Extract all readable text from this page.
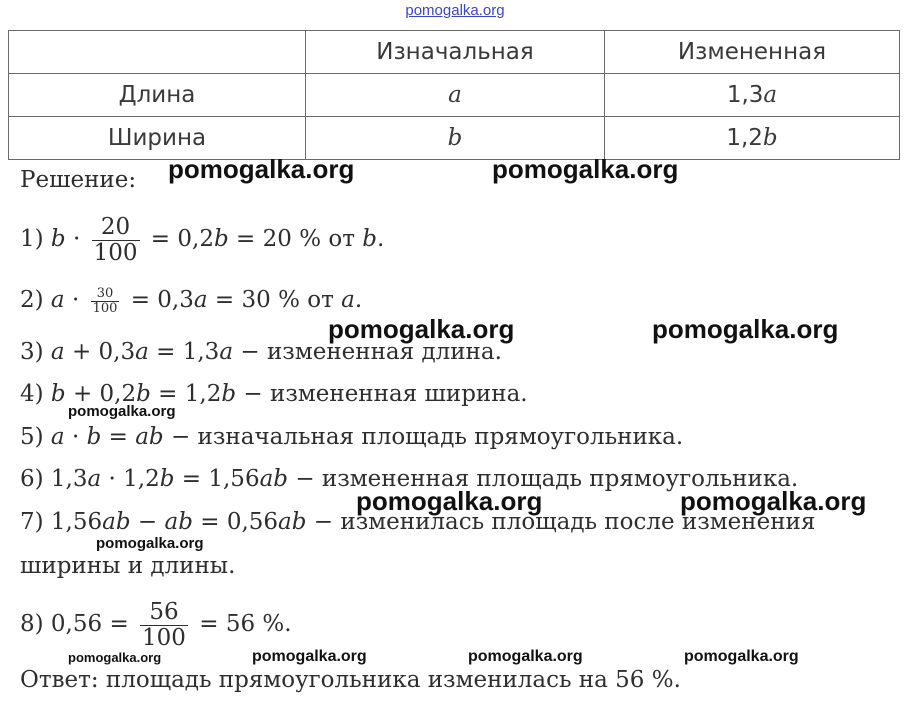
pomogalka.org
	Изначальная	Измененная
Длина	a	1,3a
Ширина	b	1,2b
Решение:
1) $b \cdot \frac{20}{100} = 0,2b = 20$ % от b.
2) $a \cdot \frac{30}{100} = 0,3a = 30$ % от a.
3) a + 0,3a = 1,3a − измененная длина.
4) b + 0,2b = 1,2b − измененная ширина.
5) a · b = ab − изначальная площадь прямоугольника.
6) 1,3a · 1,2b = 1,56ab − измененная площадь прямоугольника.
7) 1,56ab − ab = 0,56ab − изменилась площадь после изменения
ширины и длины.
8) $0,56 = \frac{56}{100} = 56$ %.
Ответ: площадь прямоугольника изменилась на 56 %.
pomogalka.org	pomogalka.org
pomogalka.org	pomogalka.org
pomogalka.org
pomogalka.org	pomogalka.org
pomogalka.org
pomogalka.org	pomogalka.org	pomogalka.org	pomogalka.org
